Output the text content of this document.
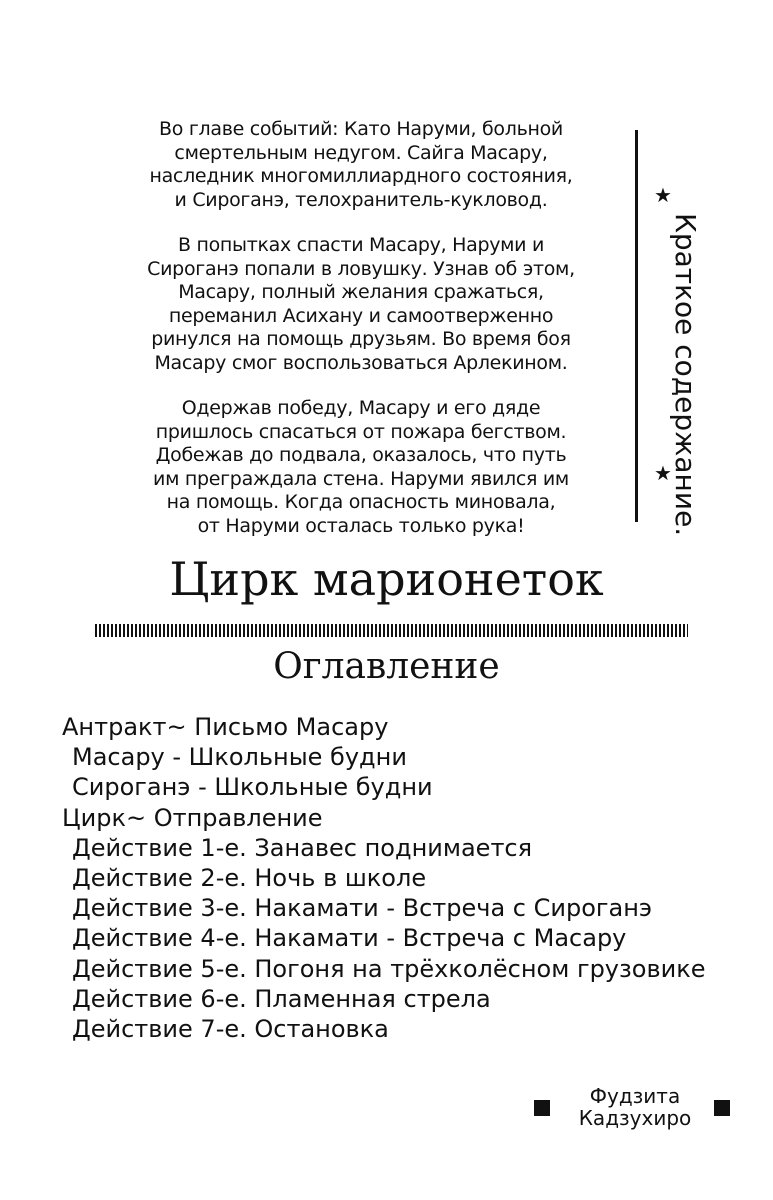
Во главе событий: Като Наруми, больной
смертельным недугом. Сайга Масару,
наследник многомиллиардного состояния,
и Сироганэ, телохранитель-кукловод.

В попытках спасти Масару, Наруми и
Сироганэ попали в ловушку. Узнав об этом,
Масару, полный желания сражаться,
переманил Асихану и самоотверженно
ринулся на помощь друзьям. Во время боя
Масару смог воспользоваться Арлекином.

Одержав победу, Масару и его дяде
пришлось спасаться от пожара бегством.
Добежав до подвала, оказалось, что путь
им преграждала стена. Наруми явился им
на помощь. Когда опасность миновала,
от Наруми осталась только рука!

★
Краткое содержание.
★
Цирк марионеток
Оглавление
Антракт~ Письмо Масару
Масару - Школьные будни
Сироганэ - Школьные будни
Цирк~ Отправление
Действие 1-е. Занавес поднимается
Действие 2-е. Ночь в школе
Действие 3-е. Накамати - Встреча с Сироганэ
Действие 4-е. Накамати - Встреча с Масару
Действие 5-е. Погоня на трёхколёсном грузовике
Действие 6-е. Пламенная стрела
Действие 7-е. Остановка
Фудзита
Кадзухиро
